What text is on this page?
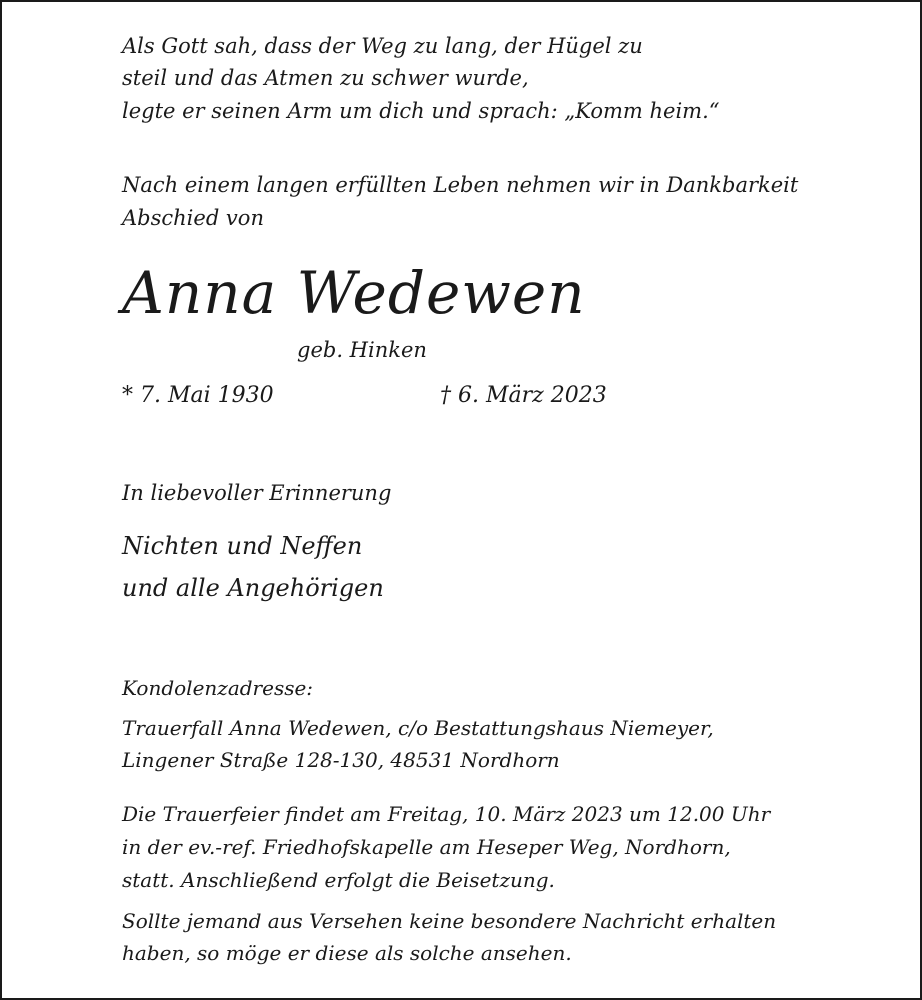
Als Gott sah, dass der Weg zu lang, der Hügel zu
steil und das Atmen zu schwer wurde,
legte er seinen Arm um dich und sprach: „Komm heim.“
Nach einem langen erfüllten Leben nehmen wir in Dankbarkeit
Abschied von
Anna Wedewen
geb. Hinken
* 7. Mai 1930	† 6. März 2023
In liebevoller Erinnerung
Nichten und Neffen
und alle Angehörigen
Kondolenzadresse:
Trauerfall Anna Wedewen, c/o Bestattungshaus Niemeyer,
Lingener Straße 128-130, 48531 Nordhorn
Die Trauerfeier findet am Freitag, 10. März 2023 um 12.00 Uhr
in der ev.-ref. Friedhofskapelle am Heseper Weg, Nordhorn,
statt. Anschließend erfolgt die Beisetzung.
Sollte jemand aus Versehen keine besondere Nachricht erhalten
haben, so möge er diese als solche ansehen.
